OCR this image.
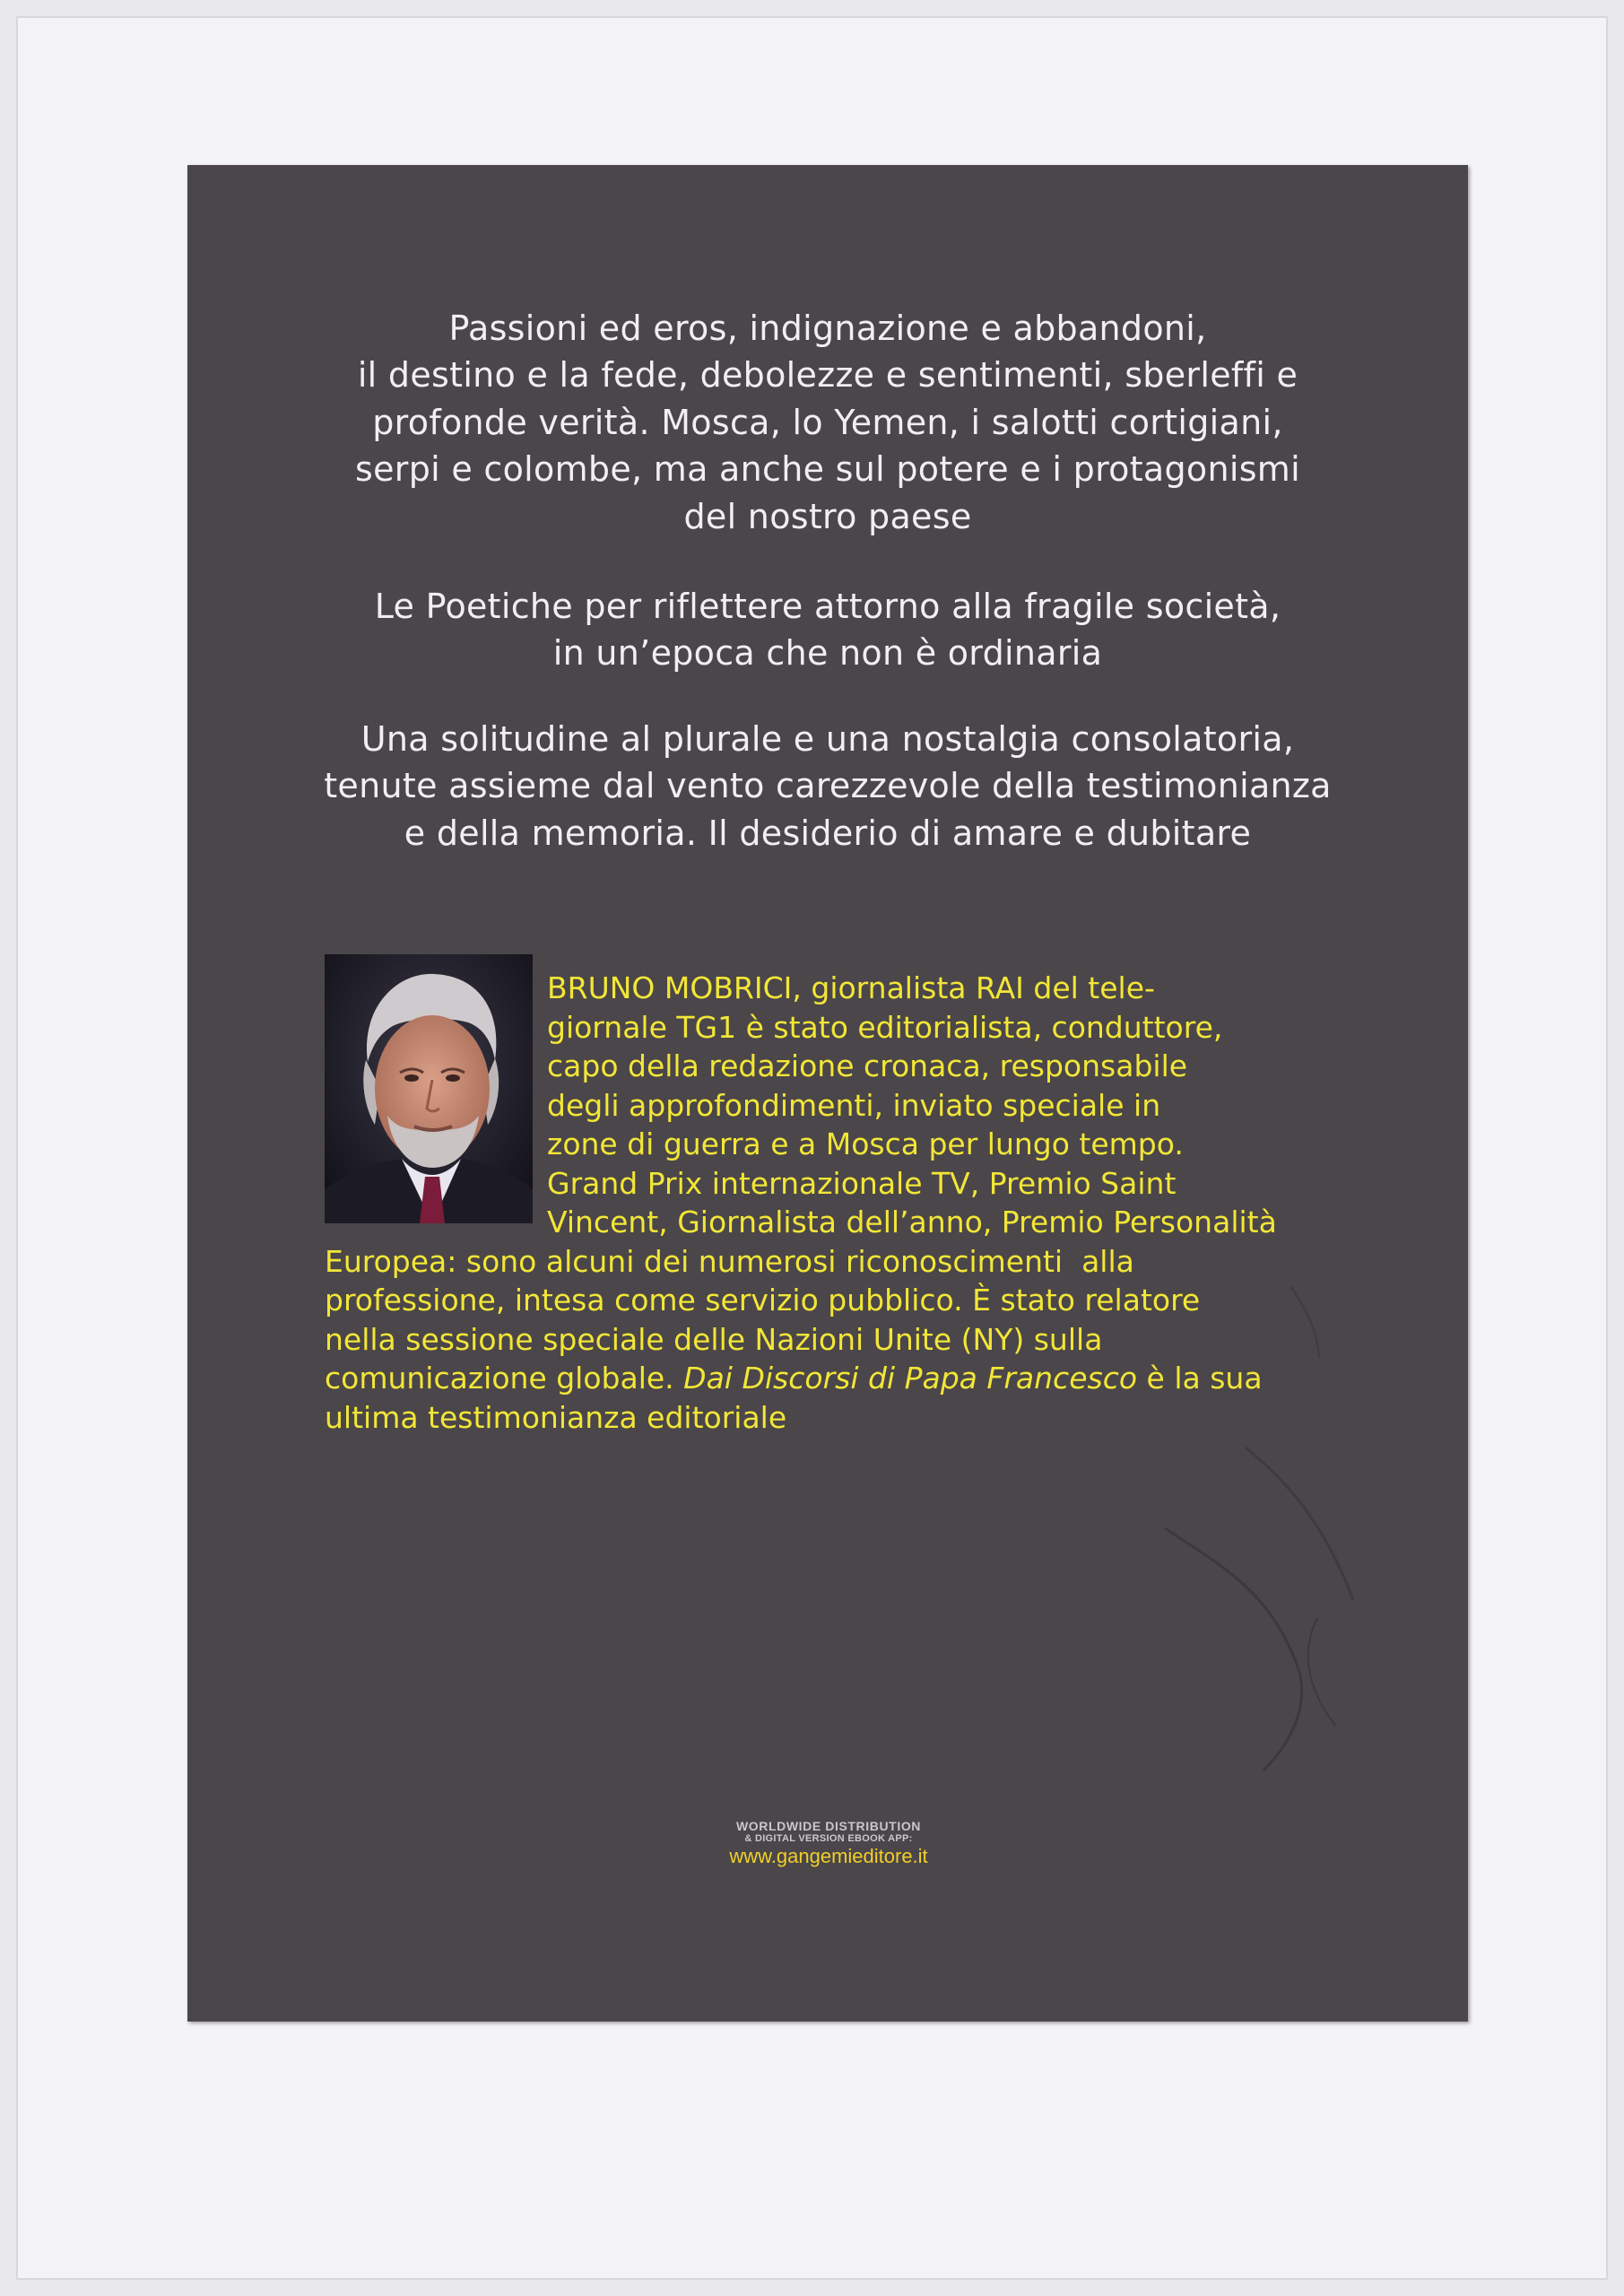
Passioni ed eros, indignazione e abbandoni,
il destino e la fede, debolezze e sentimenti, sberleffi e
profonde verità. Mosca, lo Yemen, i salotti cortigiani,
serpi e colombe, ma anche sul potere e i protagonismi
del nostro paese
Le Poetiche per riflettere attorno alla fragile società,
in un’epoca che non è ordinaria
Una solitudine al plurale e una nostalgia consolatoria,
tenute assieme dal vento carezzevole della testimonianza
e della memoria. Il desiderio di amare e dubitare
BRUNO MOBRICI, giornalista RAI del tele-
giornale TG1 è stato editorialista, conduttore,
capo della redazione cronaca, responsabile
degli approfondimenti, inviato speciale in
zone di guerra e a Mosca per lungo tempo.
Grand Prix internazionale TV, Premio Saint
Vincent, Giornalista dell’anno, Premio Personalità
Europea: sono alcuni dei numerosi riconoscimenti  alla
professione, intesa come servizio pubblico. È stato relatore
nella sessione speciale delle Nazioni Unite (NY) sulla
comunicazione globale.
Dai Discorsi di Papa Francesco
è la sua
ultima testimonianza editoriale
WORLDWIDE DISTRIBUTION
& DIGITAL VERSION EBOOK APP:
www.gangemieditore.it
